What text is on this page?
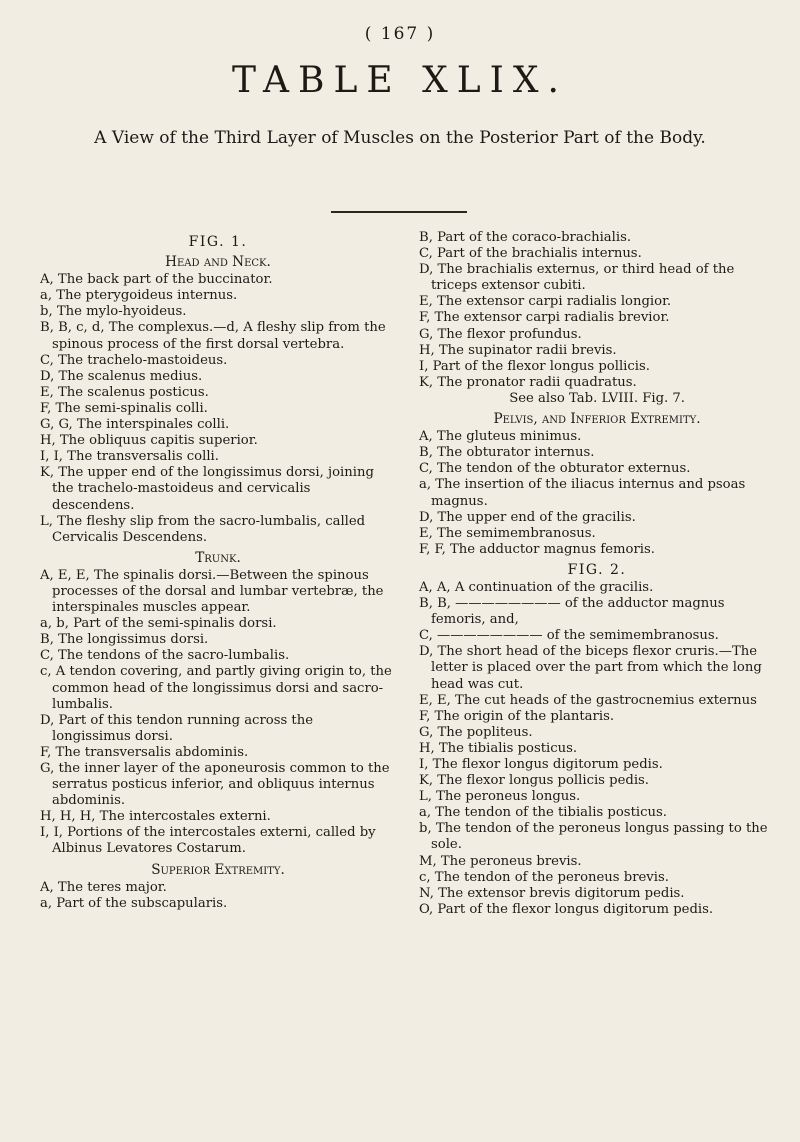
( 167 )
TABLE XLIX.
A View of the Third Layer of Muscles on the Posterior Part of the Body.

FIG. 1.

Head and Neck.

A, The back part of the buccinator.

a, The pterygoideus internus.

b, The mylo-hyoideus.

B, B, c, d, The complexus.—d, A fleshy slip from the spinous process of the first dorsal vertebra.

C, The trachelo-mastoideus.

D, The scalenus medius.

E, The scalenus posticus.

F, The semi-spinalis colli.

G, G, The interspinales colli.

H, The obliquus capitis superior.

I, I, The transversalis colli.

K, The upper end of the longissimus dorsi, joining the trachelo-mastoideus and cervicalis descendens.

L, The fleshy slip from the sacro-lumbalis, called Cervicalis Descendens.

Trunk.

A, E, E, The spinalis dorsi.—Between the spinous processes of the dorsal and lumbar vertebræ, the interspinales muscles appear.

a, b, Part of the semi-spinalis dorsi.

B, The longissimus dorsi.

C, The tendons of the sacro-lumbalis.

c, A tendon covering, and partly giving origin to, the common head of the longissimus dorsi and sacro-lumbalis.

D, Part of this tendon running across the longissimus dorsi.

F, The transversalis abdominis.

G, the inner layer of the aponeurosis common to the serratus posticus inferior, and obliquus internus abdominis.

H, H, H, The intercostales externi.

I, I, Portions of the intercostales externi, called by Albinus Levatores Costarum.

Superior Extremity.

A, The teres major.

a, Part of the subscapularis.

B, Part of the coraco-brachialis.

C, Part of the brachialis internus.

D, The brachialis externus, or third head of the triceps extensor cubiti.

E, The extensor carpi radialis longior.

F, The extensor carpi radialis brevior.

G, The flexor profundus.

H, The supinator radii brevis.

I, Part of the flexor longus pollicis.

K, The pronator radii quadratus.

See also Tab. LVIII. Fig. 7.

Pelvis, and Inferior Extremity.

A, The gluteus minimus.

B, The obturator internus.

C, The tendon of the obturator externus.

a, The insertion of the iliacus internus and psoas magnus.

D, The upper end of the gracilis.

E, The semimembranosus.

F, F, The adductor magnus femoris.

FIG. 2.

A, A, A continuation of the gracilis.

B, B, ———————— of the adductor magnus femoris, and,

C, ———————— of the semimembranosus.

D, The short head of the biceps flexor cruris.—The letter is placed over the part from which the long head was cut.

E, E, The cut heads of the gastrocnemius externus

F, The origin of the plantaris.

G, The popliteus.

H, The tibialis posticus.

I, The flexor longus digitorum pedis.

K, The flexor longus pollicis pedis.

L, The peroneus longus.

a, The tendon of the tibialis posticus.

b, The tendon of the peroneus longus passing to the sole.

M, The peroneus brevis.

c, The tendon of the peroneus brevis.

N, The extensor brevis digitorum pedis.

O, Part of the flexor longus digitorum pedis.
